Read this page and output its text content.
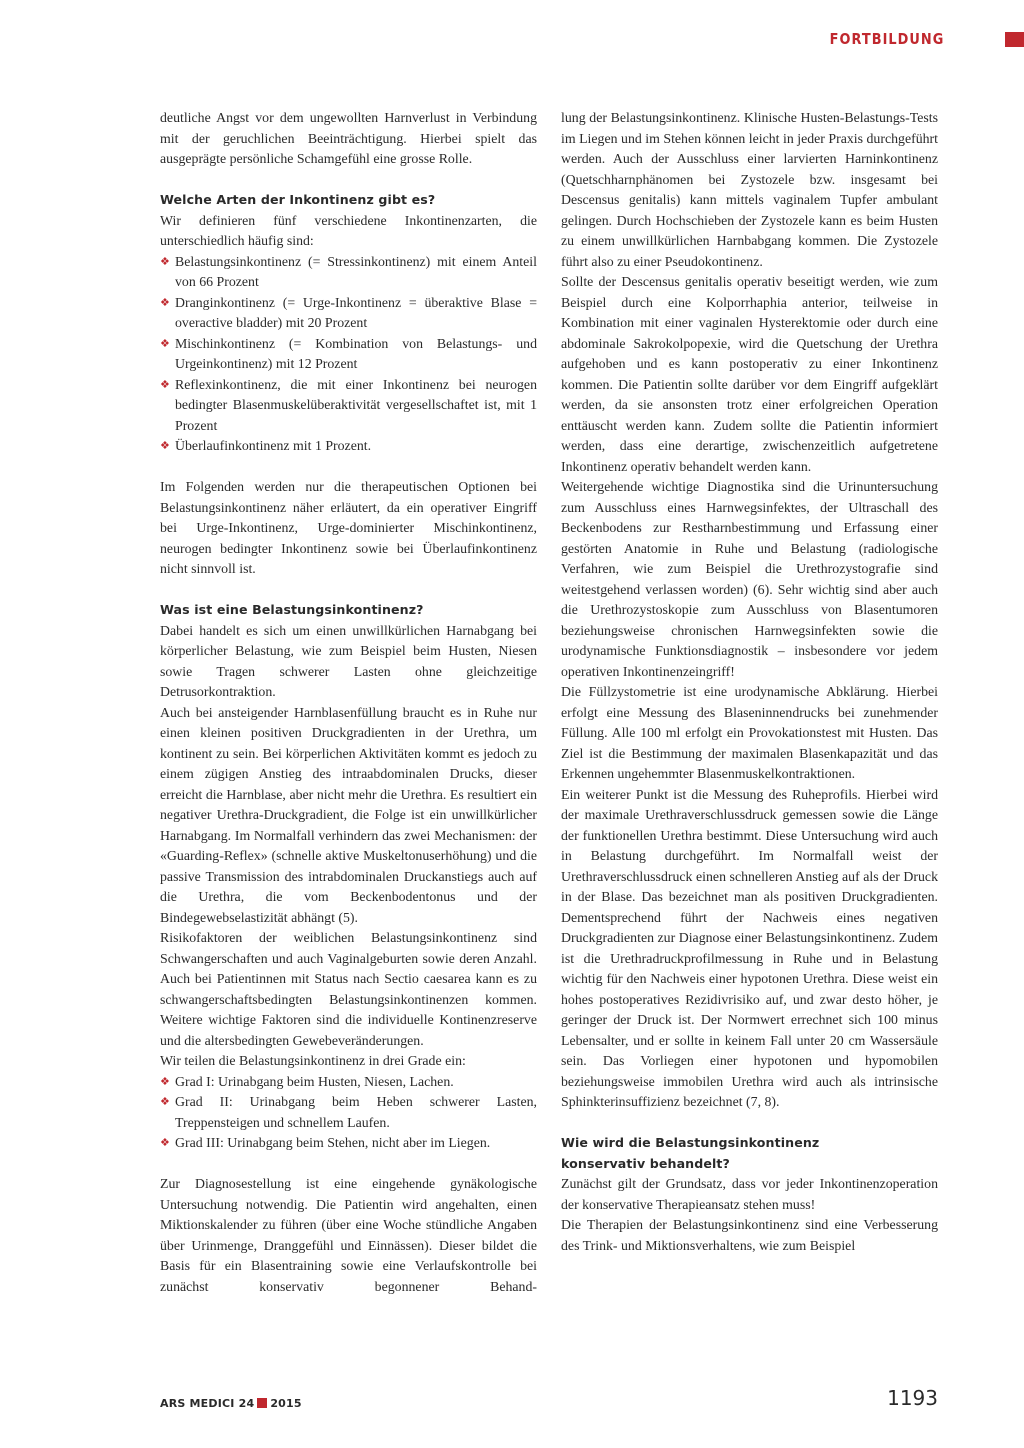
FORTBILDUNG

deutliche Angst vor dem ungewollten Harnverlust in Verbindung mit der geruchlichen Beeinträchtigung. Hierbei spielt das ausgeprägte persönliche Schamgefühl eine grosse Rolle.

Welche Arten der Inkontinenz gibt es?

Wir definieren fünf verschiedene Inkontinenzarten, die unterschiedlich häufig sind:

❖ Belastungsinkontinenz (= Stressinkontinenz) mit einem Anteil von 66 Prozent
❖ Dranginkontinenz (= Urge-Inkontinenz = überaktive Blase = overactive bladder) mit 20 Prozent
❖ Mischinkontinenz (= Kombination von Belastungs- und Urgeinkontinenz) mit 12 Prozent
❖ Reflexinkontinenz, die mit einer Inkontinenz bei neurogen bedingter Blasenmuskelüberaktivität vergesellschaftet ist, mit 1 Prozent
❖ Überlaufinkontinenz mit 1 Prozent.

Im Folgenden werden nur die therapeutischen Optionen bei Belastungsinkontinenz näher erläutert, da ein operativer Eingriff bei Urge-Inkontinenz, Urge-dominierter Mischinkontinenz, neurogen bedingter Inkontinenz sowie bei Überlaufinkontinenz nicht sinnvoll ist.

Was ist eine Belastungsinkontinenz?

Dabei handelt es sich um einen unwillkürlichen Harnabgang bei körperlicher Belastung, wie zum Beispiel beim Husten, Niesen sowie Tragen schwerer Lasten ohne gleichzeitige Detrusorkontraktion.

Auch bei ansteigender Harnblasenfüllung braucht es in Ruhe nur einen kleinen positiven Druckgradienten in der Urethra, um kontinent zu sein. Bei körperlichen Aktivitäten kommt es jedoch zu einem zügigen Anstieg des intraabdominalen Drucks, dieser erreicht die Harnblase, aber nicht mehr die Urethra. Es resultiert ein negativer Urethra-Druckgradient, die Folge ist ein unwillkürlicher Harnabgang. Im Normalfall verhindern das zwei Mechanismen: der «Guarding-Reflex» (schnelle aktive Muskeltonuserhöhung) und die passive Transmission des intrabdominalen Druckanstiegs auch auf die Urethra, die vom Beckenbodentonus und der Bindegewebselastizität abhängt (5).

Risikofaktoren der weiblichen Belastungsinkontinenz sind Schwangerschaften und auch Vaginalgeburten sowie deren Anzahl. Auch bei Patientinnen mit Status nach Sectio caesarea kann es zu schwangerschaftsbedingten Belastungsinkontinenzen kommen. Weitere wichtige Faktoren sind die individuelle Kontinenzreserve und die altersbedingten Gewebeveränderungen.

Wir teilen die Belastungsinkontinenz in drei Grade ein:

❖ Grad I: Urinabgang beim Husten, Niesen, Lachen.
❖ Grad II: Urinabgang beim Heben schwerer Lasten, Treppensteigen und schnellem Laufen.
❖ Grad III: Urinabgang beim Stehen, nicht aber im Liegen.

Zur Diagnosestellung ist eine eingehende gynäkologische Untersuchung notwendig. Die Patientin wird angehalten, einen Miktionskalender zu führen (über eine Woche stündliche Angaben über Urinmenge, Dranggefühl und Einnässen). Dieser bildet die Basis für ein Blasentraining sowie eine Verlaufskontrolle bei zunächst konservativ begonnener Behand-

lung der Belastungsinkontinenz. Klinische Husten-Belastungs-Tests im Liegen und im Stehen können leicht in jeder Praxis durchgeführt werden. Auch der Ausschluss einer larvierten Harninkontinenz (Quetschharnphänomen bei Zystozele bzw. insgesamt bei Descensus genitalis) kann mittels vaginalem Tupfer ambulant gelingen. Durch Hochschieben der Zystozele kann es beim Husten zu einem unwillkürlichen Harnbabgang kommen. Die Zystozele führt also zu einer Pseudokontinenz.

Sollte der Descensus genitalis operativ beseitigt werden, wie zum Beispiel durch eine Kolporrhaphia anterior, teilweise in Kombination mit einer vaginalen Hysterektomie oder durch eine abdominale Sakrokolpopexie, wird die Quetschung der Urethra aufgehoben und es kann postoperativ zu einer Inkontinenz kommen. Die Patientin sollte darüber vor dem Eingriff aufgeklärt werden, da sie ansonsten trotz einer erfolgreichen Operation enttäuscht werden kann. Zudem sollte die Patientin informiert werden, dass eine derartige, zwischenzeitlich aufgetretene Inkontinenz operativ behandelt werden kann.

Weitergehende wichtige Diagnostika sind die Urinuntersuchung zum Ausschluss eines Harnwegsinfektes, der Ultraschall des Beckenbodens zur Restharnbestimmung und Erfassung einer gestörten Anatomie in Ruhe und Belastung (radiologische Verfahren, wie zum Beispiel die Urethrozystografie sind weitestgehend verlassen worden) (6). Sehr wichtig sind aber auch die Urethrozystoskopie zum Ausschluss von Blasentumoren beziehungsweise chronischen Harnwegsinfekten sowie die urodynamische Funktionsdiagnostik – insbesondere vor jedem operativen Inkontinenzeingriff!

Die Füllzystometrie ist eine urodynamische Abklärung. Hierbei erfolgt eine Messung des Blaseninnendrucks bei zunehmender Füllung. Alle 100 ml erfolgt ein Provokationstest mit Husten. Das Ziel ist die Bestimmung der maximalen Blasenkapazität und das Erkennen ungehemmter Blasenmuskelkontraktionen.

Ein weiterer Punkt ist die Messung des Ruheprofils. Hierbei wird der maximale Urethraverschlussdruck gemessen sowie die Länge der funktionellen Urethra bestimmt. Diese Untersuchung wird auch in Belastung durchgeführt. Im Normalfall weist der Urethraverschlussdruck einen schnelleren Anstieg auf als der Druck in der Blase. Das bezeichnet man als positiven Druckgradienten. Dementsprechend führt der Nachweis eines negativen Druckgradienten zur Diagnose einer Belastungsinkontinenz. Zudem ist die Urethradruckprofilmessung in Ruhe und in Belastung wichtig für den Nachweis einer hypotonen Urethra. Diese weist ein hohes postoperatives Rezidivrisiko auf, und zwar desto höher, je geringer der Druck ist. Der Normwert errechnet sich 100 minus Lebensalter, und er sollte in keinem Fall unter 20 cm Wassersäule sein. Das Vorliegen einer hypotonen und hypomobilen beziehungsweise immobilen Urethra wird auch als intrinsische Sphinkterinsuffizienz bezeichnet (7, 8).

Wie wird die Belastungsinkontinenz
konservativ behandelt?

Zunächst gilt der Grundsatz, dass vor jeder Inkontinenzoperation der konservative Therapieansatz stehen muss!

Die Therapien der Belastungsinkontinenz sind eine Verbesserung des Trink- und Miktionsverhaltens, wie zum Beispiel

ARS MEDICI 24 2015	1193
